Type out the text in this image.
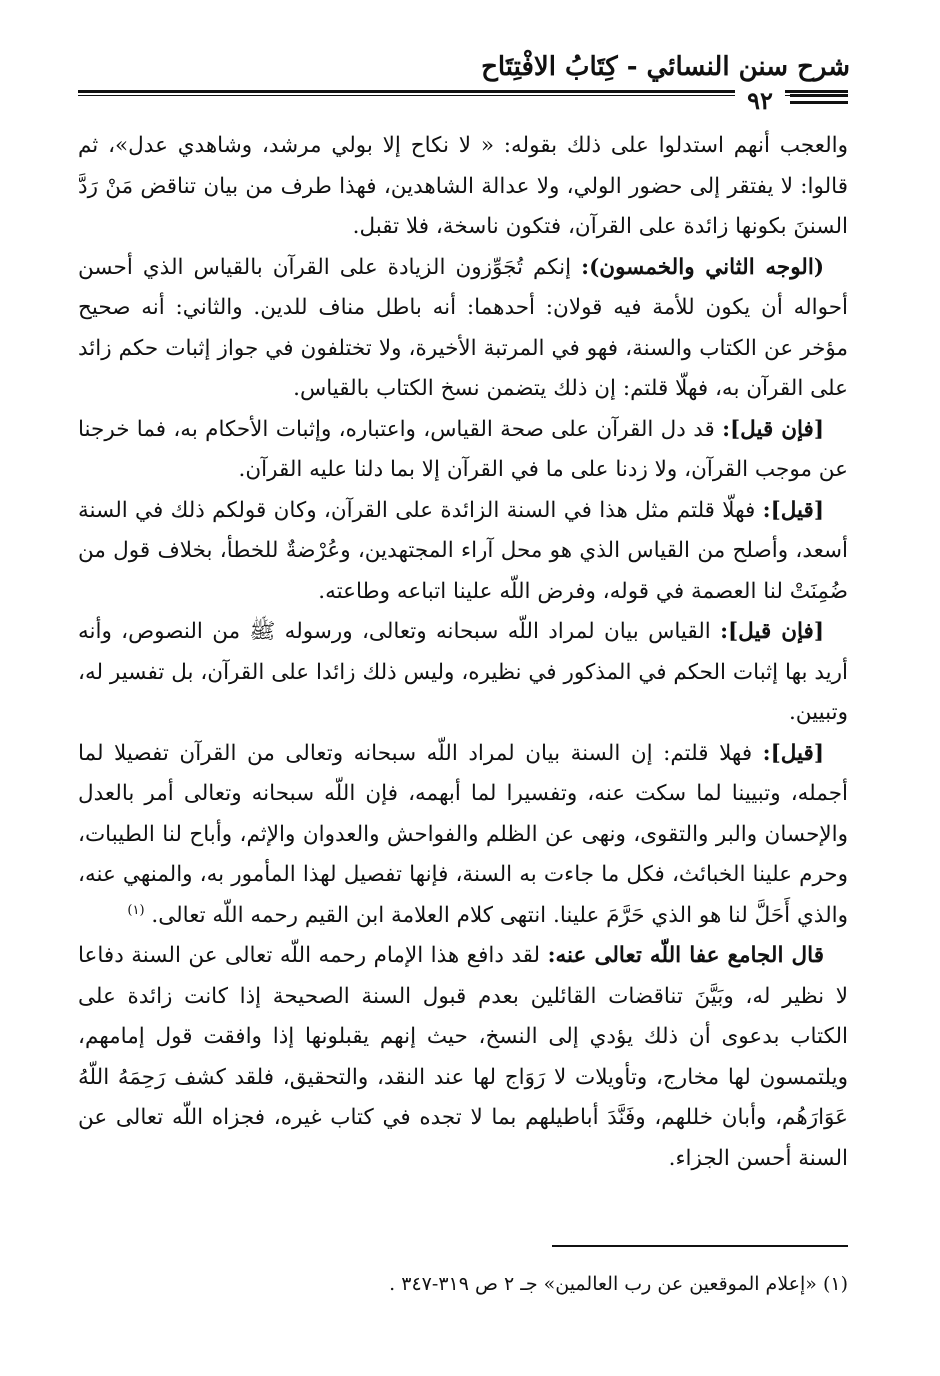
شرح سنن النسائي - كِتَابُ الافْتِتَاح
٩٢

والعجب أنهم استدلوا على ذلك بقوله: « لا نكاح إلا بولي مرشد، وشاهدي عدل»، ثم قالوا: لا يفتقر إلى حضور الولي، ولا عدالة الشاهدين، فهذا طرف من بيان تناقض مَنْ رَدَّ السننَ بكونها زائدة على القرآن، فتكون ناسخة، فلا تقبل.

(الوجه الثاني والخمسون): إنكم تُجَوِّزون الزيادة على القرآن بالقياس الذي أحسن أحواله أن يكون للأمة فيه قولان: أحدهما: أنه باطل مناف للدين. والثاني: أنه صحيح مؤخر عن الكتاب والسنة، فهو في المرتبة الأخيرة، ولا تختلفون في جواز إثبات حكم زائد على القرآن به، فهلّا قلتم: إن ذلك يتضمن نسخ الكتاب بالقياس.

[فإن قيل]: قد دل القرآن على صحة القياس، واعتباره، وإثبات الأحكام به، فما خرجنا عن موجب القرآن، ولا زدنا على ما في القرآن إلا بما دلنا عليه القرآن.

[قيل]: فهلّا قلتم مثل هذا في السنة الزائدة على القرآن، وكان قولكم ذلك في السنة أسعد، وأصلح من القياس الذي هو محل آراء المجتهدين، وعُرْضةٌ للخطأ، بخلاف قول من ضُمِنَتْ لنا العصمة في قوله، وفرض اللّه علينا اتباعه وطاعته.

[فإن قيل]: القياس بيان لمراد اللّه سبحانه وتعالى، ورسوله ﷺ من النصوص، وأنه أريد بها إثبات الحكم في المذكور في نظيره، وليس ذلك زائدا على القرآن، بل تفسير له، وتبيين.

[قيل]: فهلا قلتم: إن السنة بيان لمراد اللّه سبحانه وتعالى من القرآن تفصيلا لما أجمله، وتبيينا لما سكت عنه، وتفسيرا لما أبهمه، فإن اللّه سبحانه وتعالى أمر بالعدل والإحسان والبر والتقوى، ونهى عن الظلم والفواحش والعدوان والإثم، وأباح لنا الطيبات، وحرم علينا الخبائث، فكل ما جاءت به السنة، فإنها تفصيل لهذا المأمور به، والمنهي عنه، والذي أَحَلَّ لنا هو الذي حَرَّمَ علينا. انتهى كلام العلامة ابن القيم رحمه اللّه تعالى. $^{(١)}$

قال الجامع عفا اللّه تعالى عنه: لقد دافع هذا الإمام رحمه اللّه تعالى عن السنة دفاعا لا نظير له، وبَيَّنَ تناقضات القائلين بعدم قبول السنة الصحيحة إذا كانت زائدة على الكتاب بدعوى أن ذلك يؤدي إلى النسخ، حيث إنهم يقبلونها إذا وافقت قول إمامهم، ويلتمسون لها مخارج، وتأويلات لا رَوَاج لها عند النقد، والتحقيق، فلقد كشف رَحِمَهُ اللّهُ عَوَارَهُم، وأبان خللهم، وفَنَّدَ أباطيلهم بما لا تجده في كتاب غيره، فجزاه اللّه تعالى عن السنة أحسن الجزاء.

(١) «إعلام الموقعين عن رب العالمين» جـ ٢ ص ٣١٩-٣٤٧ .
